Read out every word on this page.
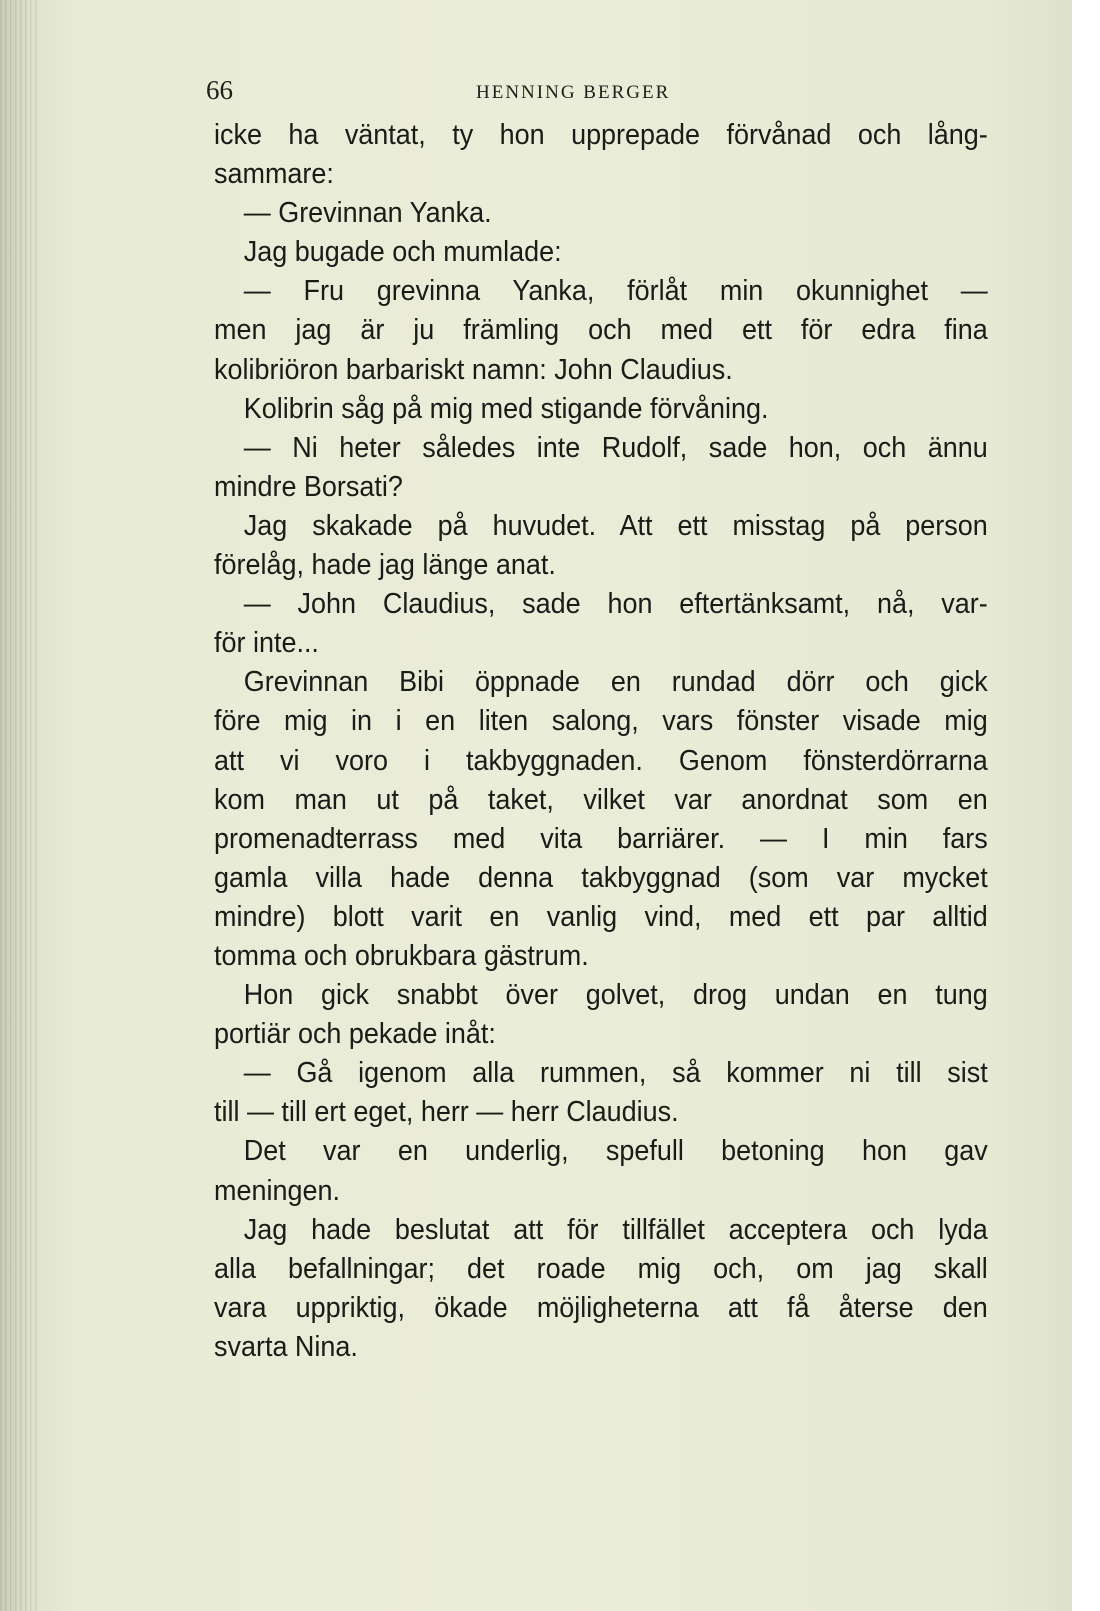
66	HENNING BERGER
icke ha väntat, ty hon upprepade förvånad och lång-
sammare:
— Grevinnan Yanka.
Jag bugade och mumlade:
— Fru grevinna Yanka, förlåt min okunnighet —
men jag är ju främling och med ett för edra fina
kolibriöron barbariskt namn: John Claudius.
Kolibrin såg på mig med stigande förvåning.
— Ni heter således inte Rudolf, sade hon, och ännu
mindre Borsati?
Jag skakade på huvudet. Att ett misstag på person
förelåg, hade jag länge anat.
— John Claudius, sade hon eftertänksamt, nå, var-
för inte...
Grevinnan Bibi öppnade en rundad dörr och gick
före mig in i en liten salong, vars fönster visade mig
att vi voro i takbyggnaden. Genom fönsterdörrarna
kom man ut på taket, vilket var anordnat som en
promenadterrass med vita barriärer. — I min fars
gamla villa hade denna takbyggnad (som var mycket
mindre) blott varit en vanlig vind, med ett par alltid
tomma och obrukbara gästrum.
Hon gick snabbt över golvet, drog undan en tung
portiär och pekade inåt:
— Gå igenom alla rummen, så kommer ni till sist
till — till ert eget, herr — herr Claudius.
Det var en underlig, spefull betoning hon gav
meningen.
Jag hade beslutat att för tillfället acceptera och lyda
alla befallningar; det roade mig och, om jag skall
vara uppriktig, ökade möjligheterna att få återse den
svarta Nina.
